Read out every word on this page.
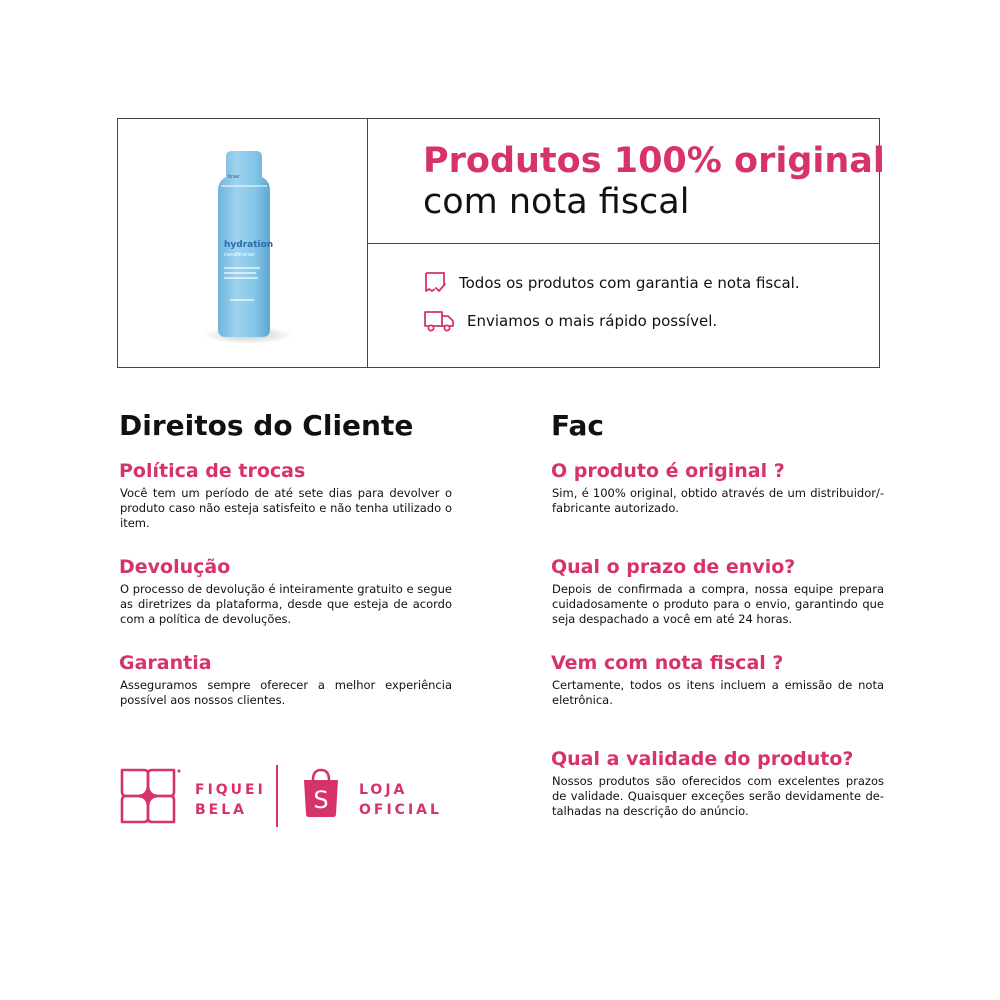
brae
hydration
conditioner
Produtos 100% original
com nota fiscal
Todos os produtos com garantia e nota fiscal.
Enviamos o mais rápido possível.
Direitos do Cliente
Política de trocas

Você tem um período de até sete dias para devolver o produto caso não esteja satisfeito e não tenha utilizado o item.

Devolução

O processo de devolução é inteiramente gratuito e segue as diretrizes da plataforma, desde que esteja de acordo com a política de devoluções.

Garantia

Asseguramos sempre oferecer a melhor experiência possível aos nossos clientes.

Fac
O produto é original ?

Sim, é 100% original, obtido através de um distribuidor/-fabricante autorizado.

Qual o prazo de envio?

Depois de confirmada a compra, nossa equipe prepara cuidadosamente o produto para o envio, garantindo que seja despachado a você em até 24 horas.

Vem com nota fiscal ?

Certamente, todos os itens incluem a emissão de nota eletrônica.

Qual a validade do produto?

Nossos produtos são oferecidos com excelentes prazos de validade. Quaisquer exceções serão devidamente de-talhadas na descrição do anúncio.

FIQUEI
BELA	S LOJA
OFICIAL
